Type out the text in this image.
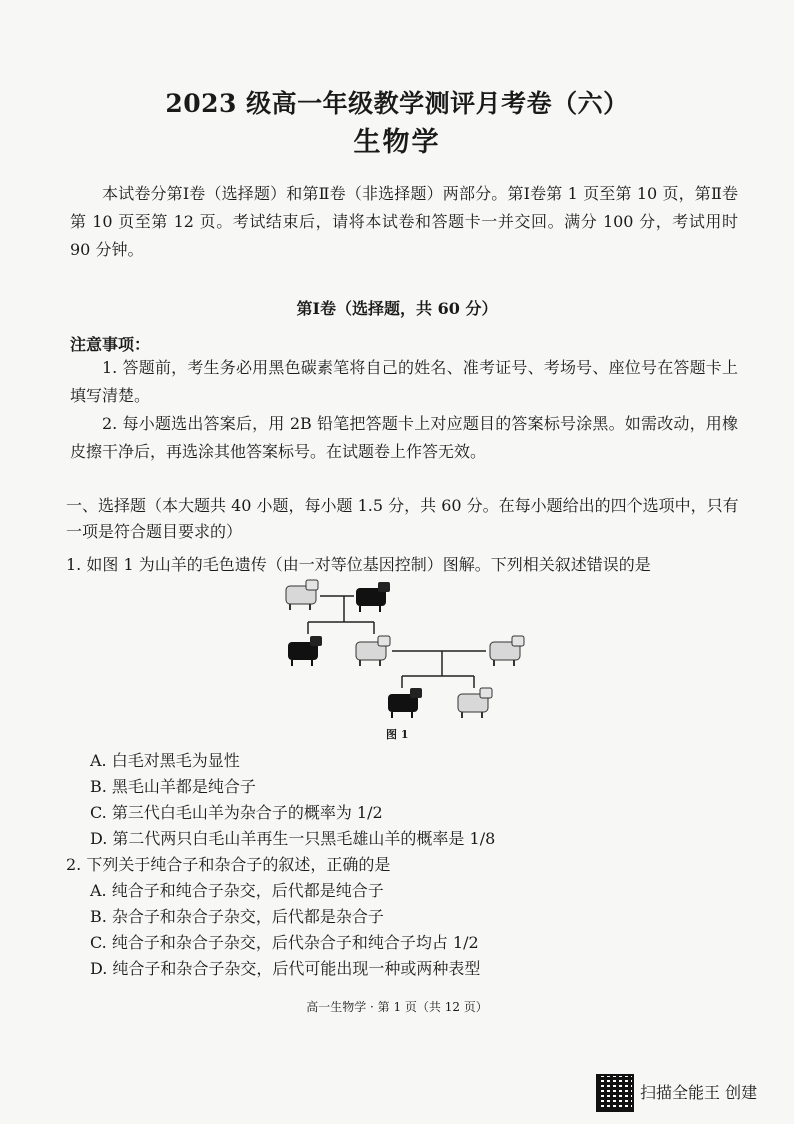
2023 级高一年级教学测评月考卷（六）
生物学
本试卷分第Ⅰ卷（选择题）和第Ⅱ卷（非选择题）两部分。第Ⅰ卷第 1 页至第 10 页，第Ⅱ卷第 10 页至第 12 页。考试结束后，请将本试卷和答题卡一并交回。满分 100 分，考试用时 90 分钟。
第Ⅰ卷（选择题，共 60 分）
注意事项：
1. 答题前，考生务必用黑色碳素笔将自己的姓名、准考证号、考场号、座位号在答题卡上填写清楚。
2. 每小题选出答案后，用 2B 铅笔把答题卡上对应题目的答案标号涂黑。如需改动，用橡皮擦干净后，再选涂其他答案标号。在试题卷上作答无效。
一、选择题（本大题共 40 小题，每小题 1.5 分，共 60 分。在每小题给出的四个选项中，只有一项是符合题目要求的）
1. 如图 1 为山羊的毛色遗传（由一对等位基因控制）图解。下列相关叙述错误的是
图 1
A. 白毛对黑毛为显性
B. 黑毛山羊都是纯合子
C. 第三代白毛山羊为杂合子的概率为 1/2
D. 第二代两只白毛山羊再生一只黑毛雄山羊的概率是 1/8
2. 下列关于纯合子和杂合子的叙述，正确的是
A. 纯合子和纯合子杂交，后代都是纯合子
B. 杂合子和杂合子杂交，后代都是杂合子
C. 纯合子和杂合子杂交，后代杂合子和纯合子均占 1/2
D. 纯合子和杂合子杂交，后代可能出现一种或两种表型
高一生物学 · 第 1 页（共 12 页）
扫描全能王 创建
